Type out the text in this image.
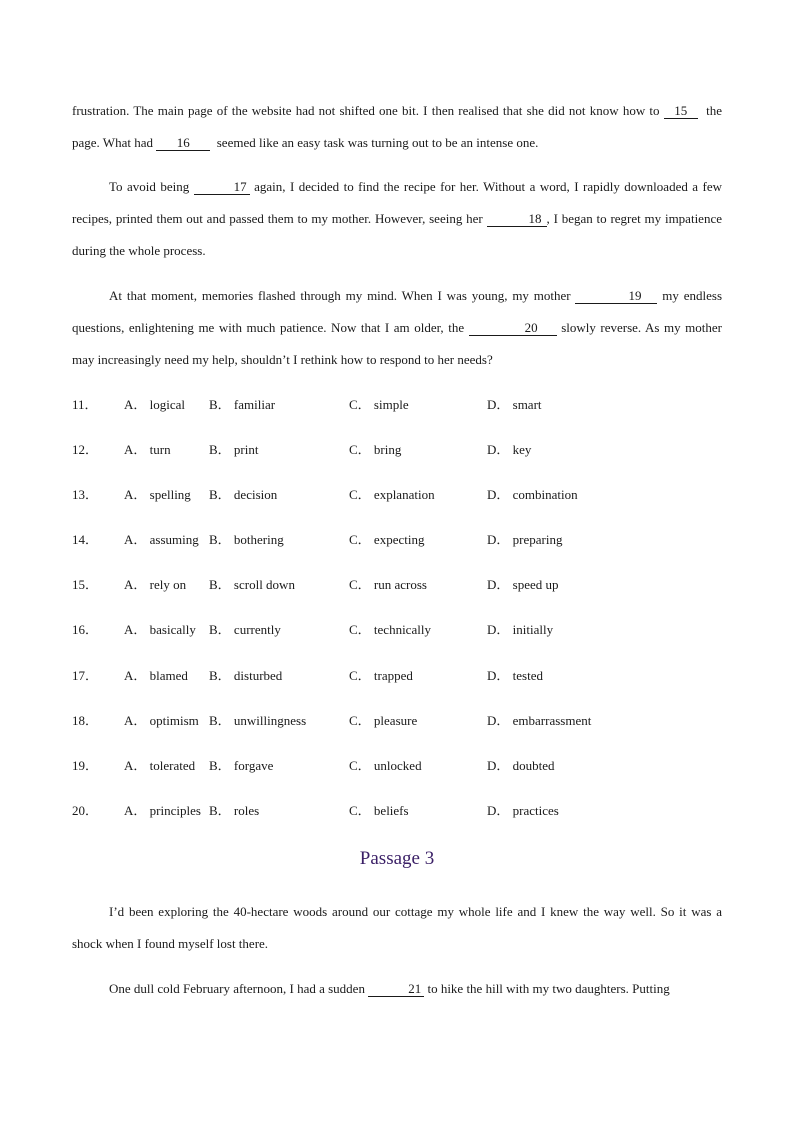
frustration. The main page of the website had not shifted one bit. I then realised that she did not know how to 15 the page. What had 16 seemed like an easy task was turning out to be an intense one.

To avoid being	17 again, I decided to find the recipe for her. Without a word, I rapidly downloaded a few recipes, printed them out and passed them to my mother. However, seeing her	18 , I began to regret my impatience during the whole process.

At that moment, memories flashed through my mind. When I was young, my mother	19 my endless questions, enlightening me with much patience. Now that I am older, the	20 slowly reverse. As my mother may increasingly need my help, shouldn’t I rethink how to respond to her needs?

11． A． logical B． familiar	C． simple	D． smart
12． A． turn	B． print	C． bring	D． key
13． A． spelling B． decision	C． explanation	D． combination
14． A． assuming B． bothering	C． expecting	D． preparing
15． A． rely on B． scroll down	C． run across	D． speed up
16． A． basically B． currently	C． technically	D． initially
17． A． blamed B． disturbed	C． trapped	D． tested
18． A． optimism B． unwillingness	C． pleasure	D． embarrassment
19． A． tolerated B． forgave	C． unlocked	D． doubted
20． A． principles B． roles	C． beliefs	D． practices
Passage 3

I’d been exploring the 40-hectare woods around our cottage my whole life and I knew the way well. So it was a shock when I found myself lost there.

One dull cold February afternoon, I had a sudden	21 to hike the hill with my two daughters. Putting
